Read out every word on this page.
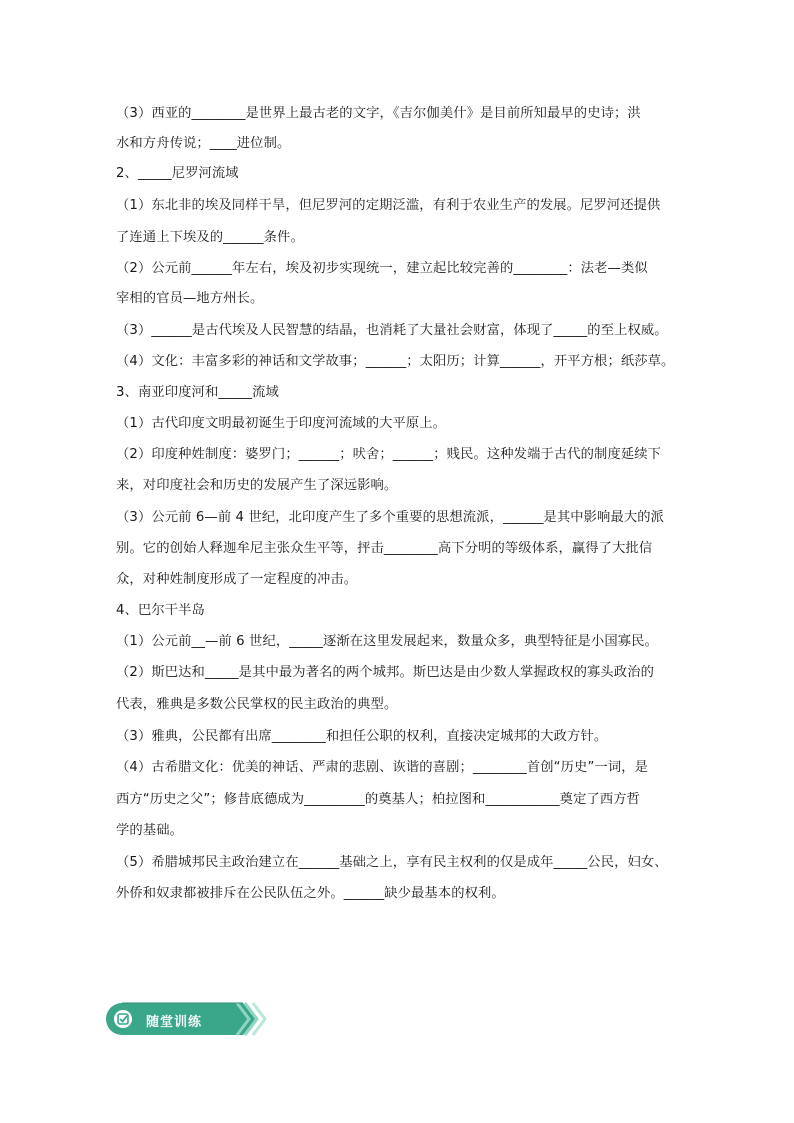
（3）西亚的________是世界上最古老的文字，《吉尔伽美什》是目前所知最早的史诗；洪
水和方舟传说；____进位制。
2、_____尼罗河流域
（1）东北非的埃及同样干旱，但尼罗河的定期泛滥，有利于农业生产的发展。尼罗河还提供
了连通上下埃及的______条件。
（2）公元前______年左右，埃及初步实现统一，建立起比较完善的________：法老—类似
宰相的官员—地方州长。
（3）______是古代埃及人民智慧的结晶，也消耗了大量社会财富，体现了_____的至上权威。
（4）文化：丰富多彩的神话和文学故事；______；太阳历；计算______，开平方根；纸莎草。
3、南亚印度河和_____流域
（1）古代印度文明最初诞生于印度河流域的大平原上。
（2）印度种姓制度：婆罗门；______；吠舍；______；贱民。这种发端于古代的制度延续下
来，对印度社会和历史的发展产生了深远影响。
（3）公元前 6—前 4 世纪，北印度产生了多个重要的思想流派，______是其中影响最大的派
别。它的创始人释迦牟尼主张众生平等，抨击________高下分明的等级体系，赢得了大批信
众，对种姓制度形成了一定程度的冲击。
4、巴尔干半岛
（1）公元前__—前 6 世纪，_____逐渐在这里发展起来，数量众多，典型特征是小国寡民。
（2）斯巴达和_____是其中最为著名的两个城邦。斯巴达是由少数人掌握政权的寡头政治的
代表，雅典是多数公民掌权的民主政治的典型。
（3）雅典，公民都有出席________和担任公职的权利，直接决定城邦的大政方针。
（4）古希腊文化：优美的神话、严肃的悲剧、诙谐的喜剧；________首创“历史”一词，是
西方“历史之父”；修昔底德成为_________的奠基人；柏拉图和___________奠定了西方哲
学的基础。
（5）希腊城邦民主政治建立在______基础之上，享有民主权利的仅是成年_____公民，妇女、
外侨和奴隶都被排斥在公民队伍之外。______缺少最基本的权利。
随堂训练
